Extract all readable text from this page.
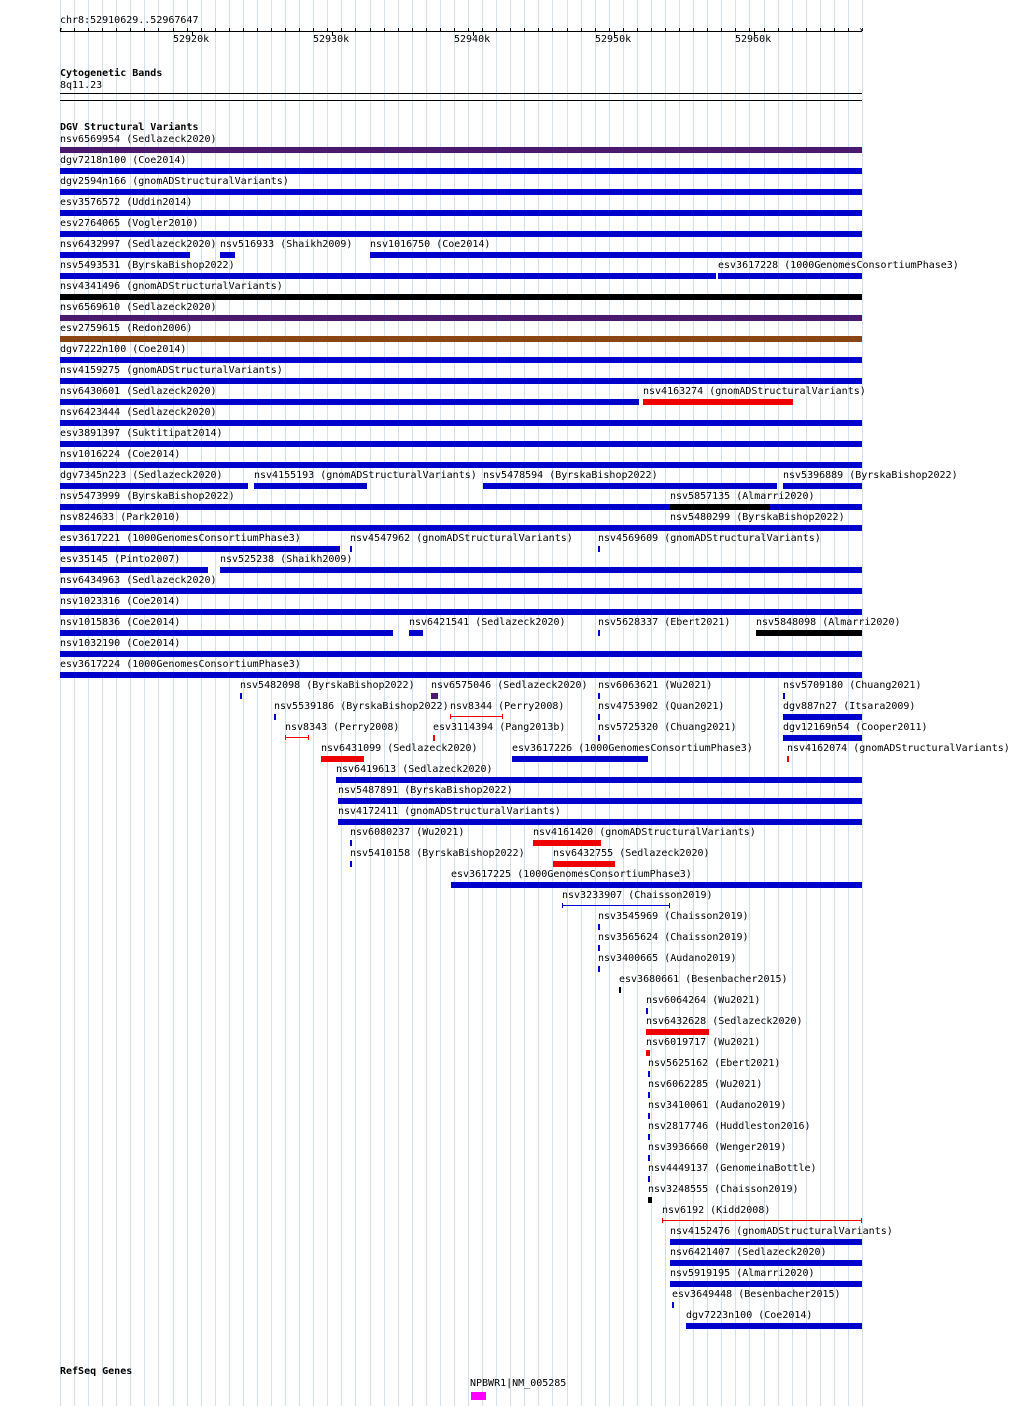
chr8:52910629..52967647
‹	›
52920k	52930k	52940k	52950k	52960k
Cytogenetic Bands
8q11.23
DGV Structural Variants
nsv6569954 (Sedlazeck2020)
dgv7218n100 (Coe2014)
dgv2594n166 (gnomADStructuralVariants)
esv3576572 (Uddin2014)
esv2764065 (Vogler2010)
nsv6432997 (Sedlazeck2020) nsv516933 (Shaikh2009) nsv1016750 (Coe2014)
nsv5493531 (ByrskaBishop2022)	esv3617228 (1000GenomesConsortiumPhase3)
nsv4341496 (gnomADStructuralVariants)
nsv6569610 (Sedlazeck2020)
esv2759615 (Redon2006)
dgv7222n100 (Coe2014)
nsv4159275 (gnomADStructuralVariants)
nsv6430601 (Sedlazeck2020)	nsv4163274 (gnomADStructuralVariants)
nsv6423444 (Sedlazeck2020)
esv3891397 (Suktitipat2014)
nsv1016224 (Coe2014)
dgv7345n223 (Sedlazeck2020)	nsv4155193 (gnomADStructuralVariants) nsv5478594 (ByrskaBishop2022)	nsv5396889 (ByrskaBishop2022)
nsv5473999 (ByrskaBishop2022)	nsv5857135 (Almarri2020)
nsv824633 (Park2010)	nsv5480299 (ByrskaBishop2022)
esv3617221 (1000GenomesConsortiumPhase3)	nsv4547962 (gnomADStructuralVariants)	nsv4569609 (gnomADStructuralVariants)
esv35145 (Pinto2007)	nsv525238 (Shaikh2009)
nsv6434963 (Sedlazeck2020)
nsv1023316 (Coe2014)
nsv1015836 (Coe2014)	nsv6421541 (Sedlazeck2020)	nsv5628337 (Ebert2021)	nsv5848098 (Almarri2020)
nsv1032190 (Coe2014)
esv3617224 (1000GenomesConsortiumPhase3)
nsv5482098 (ByrskaBishop2022) nsv6575046 (Sedlazeck2020) nsv6063621 (Wu2021)	nsv5709180 (Chuang2021)
nsv5539186 (ByrskaBishop2022) nsv8344 (Perry2008)	nsv4753902 (Quan2021)	dgv887n27 (Itsara2009)
nsv8343 (Perry2008)	esv3114394 (Pang2013b)	nsv5725320 (Chuang2021)	dgv12169n54 (Cooper2011)
nsv6431099 (Sedlazeck2020)	esv3617226 (1000GenomesConsortiumPhase3)	nsv4162074 (gnomADStructuralVariants)
nsv6419613 (Sedlazeck2020)
nsv5487891 (ByrskaBishop2022)
nsv4172411 (gnomADStructuralVariants)
nsv6080237 (Wu2021)	nsv4161420 (gnomADStructuralVariants)
nsv5410158 (ByrskaBishop2022)	nsv6432755 (Sedlazeck2020)
esv3617225 (1000GenomesConsortiumPhase3)
nsv3233907 (Chaisson2019)
nsv3545969 (Chaisson2019)
nsv3565624 (Chaisson2019)
nsv3400665 (Audano2019)
esv3680661 (Besenbacher2015)
nsv6064264 (Wu2021)
nsv6432628 (Sedlazeck2020)
nsv6019717 (Wu2021)
nsv5625162 (Ebert2021)
nsv6062285 (Wu2021)
nsv3410061 (Audano2019)
nsv2817746 (Huddleston2016)
nsv3936660 (Wenger2019)
nsv4449137 (GenomeinaBottle)
nsv3248555 (Chaisson2019)
nsv6192 (Kidd2008)
nsv4152476 (gnomADStructuralVariants)
nsv6421407 (Sedlazeck2020)
nsv5919195 (Almarri2020)
esv3649448 (Besenbacher2015)
dgv7223n100 (Coe2014)
RefSeq Genes
NPBWR1|NM_005285
